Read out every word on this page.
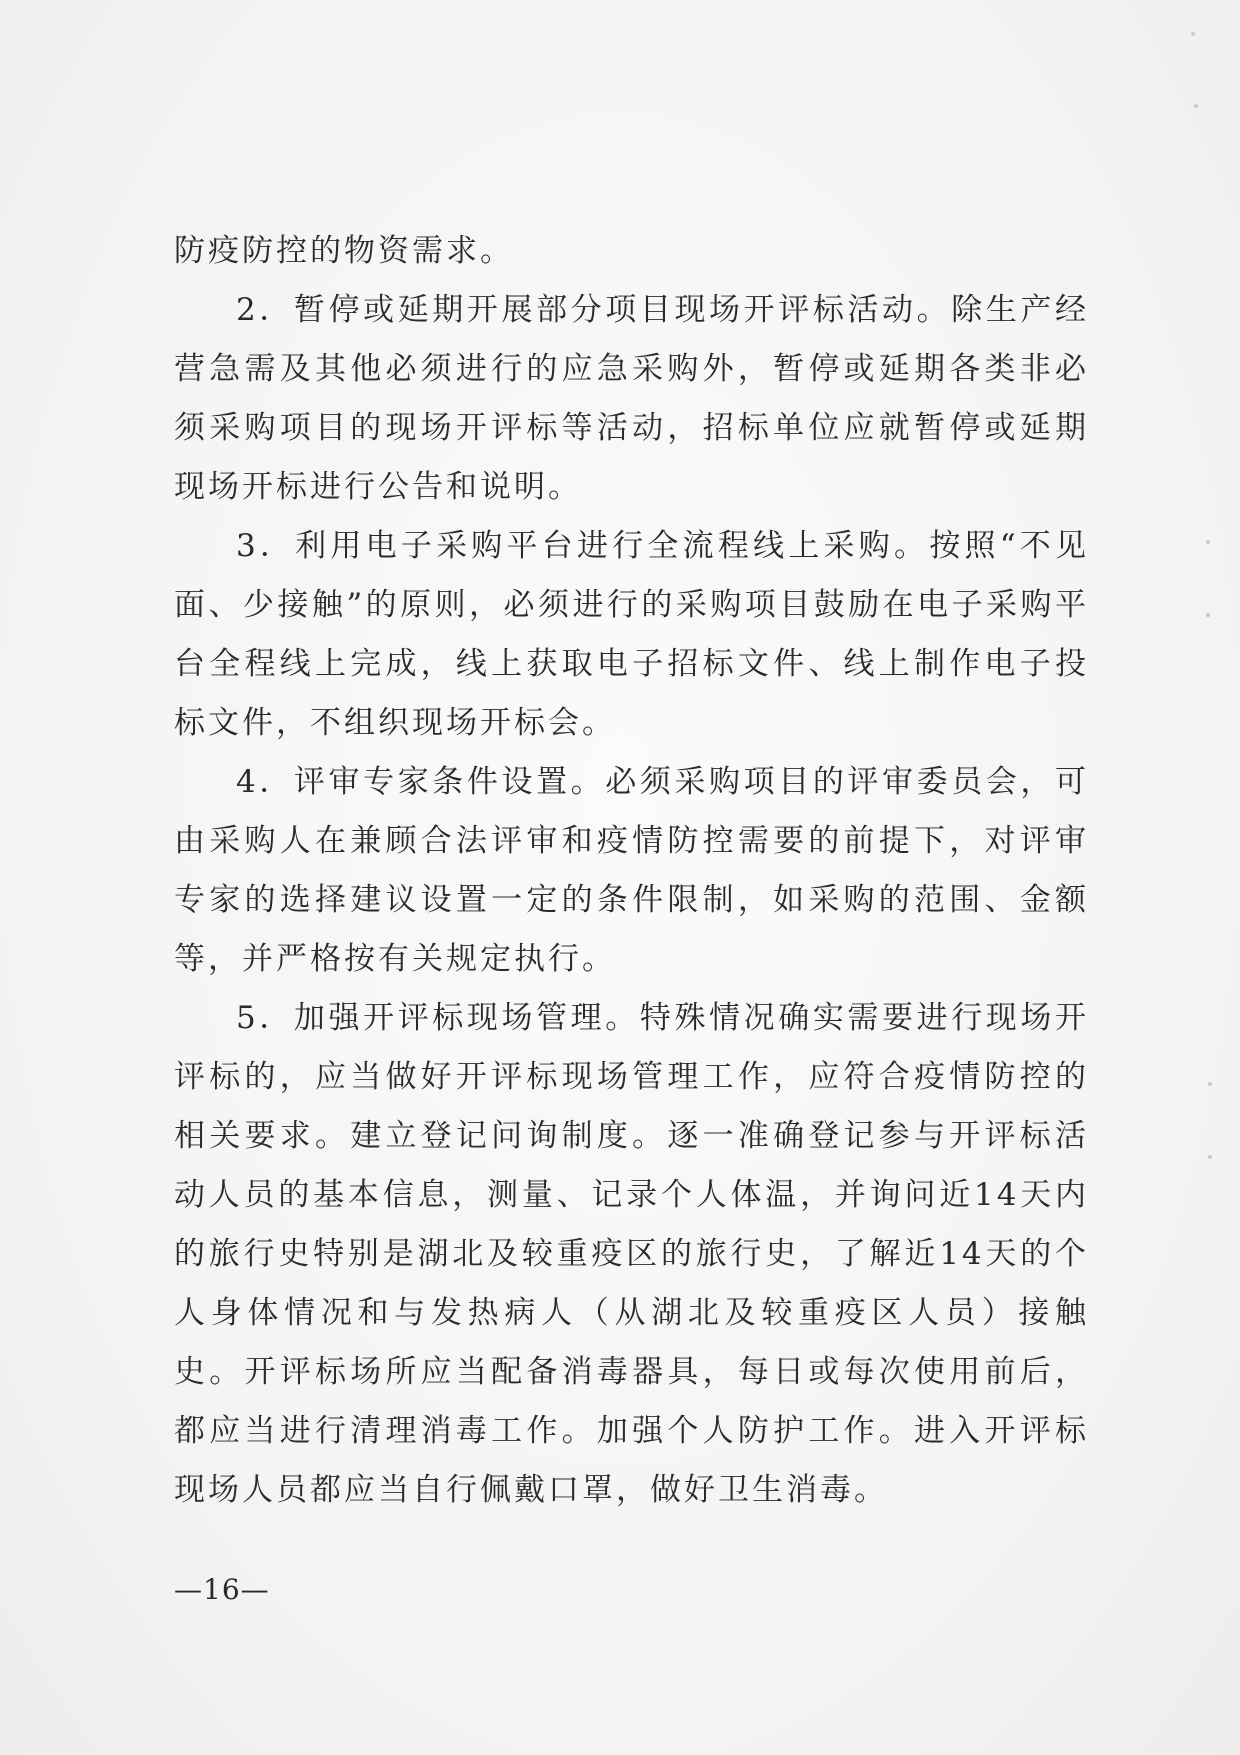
防疫防控的物资需求。

2．暂停或延期开展部分项目现场开评标活动。除生产经营急需及其他必须进行的应急采购外，暂停或延期各类非必须采购项目的现场开评标等活动，招标单位应就暂停或延期现场开标进行公告和说明。

3．利用电子采购平台进行全流程线上采购。按照“不见面、少接触”的原则，必须进行的采购项目鼓励在电子采购平台全程线上完成，线上获取电子招标文件、线上制作电子投标文件，不组织现场开标会。

4．评审专家条件设置。必须采购项目的评审委员会，可由采购人在兼顾合法评审和疫情防控需要的前提下，对评审专家的选择建议设置一定的条件限制，如采购的范围、金额等，并严格按有关规定执行。

5．加强开评标现场管理。特殊情况确实需要进行现场开评标的，应当做好开评标现场管理工作，应符合疫情防控的相关要求。建立登记问询制度。逐一准确登记参与开评标活动人员的基本信息，测量、记录个人体温，并询问近14天内的旅行史特别是湖北及较重疫区的旅行史，了解近14天的个人身体情况和与发热病人（从湖北及较重疫区人员）接触史。开评标场所应当配备消毒器具，每日或每次使用前后，都应当进行清理消毒工作。加强个人防护工作。进入开评标现场人员都应当自行佩戴口罩，做好卫生消毒。

—16—
